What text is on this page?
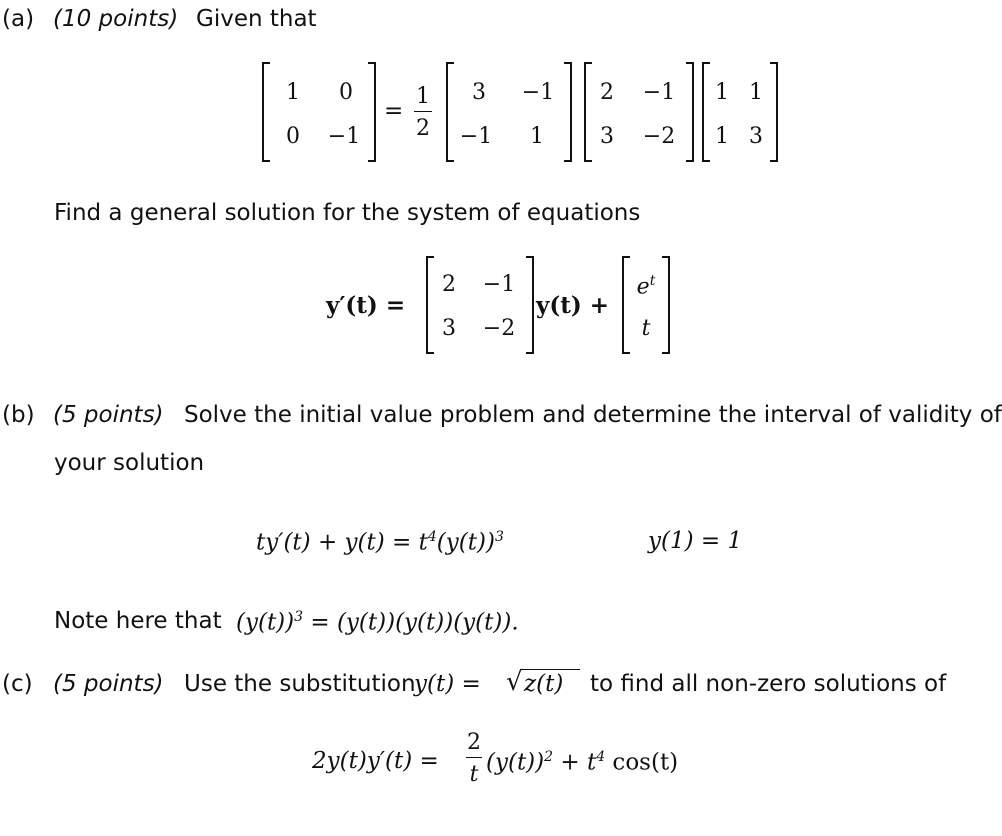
(a) (10 points) Given that
1	0
0	−1
=
1
2
3	−1
−1	1
2	−1
3	−2
1 1
1 3
Find a general solution for the system of equations
y′(t) =
2	−1
3	−2
y(t) +
$e^t$
t
(b) (5 points) Solve the initial value problem and determine the interval of validity of
your solution
$ty'(t) + y(t) = t^4(y(t))^3$	y(1) = 1
Note here that $(y(t))^3 = (y(t))(y(t))(y(t))$.
(c) (5 points) Use the substitution
y(t) = √ z(t) to find all non-zero solutions of
2y(t)y′(t) =
2
t $(y(t))^2 + t^4$ cos(t)
